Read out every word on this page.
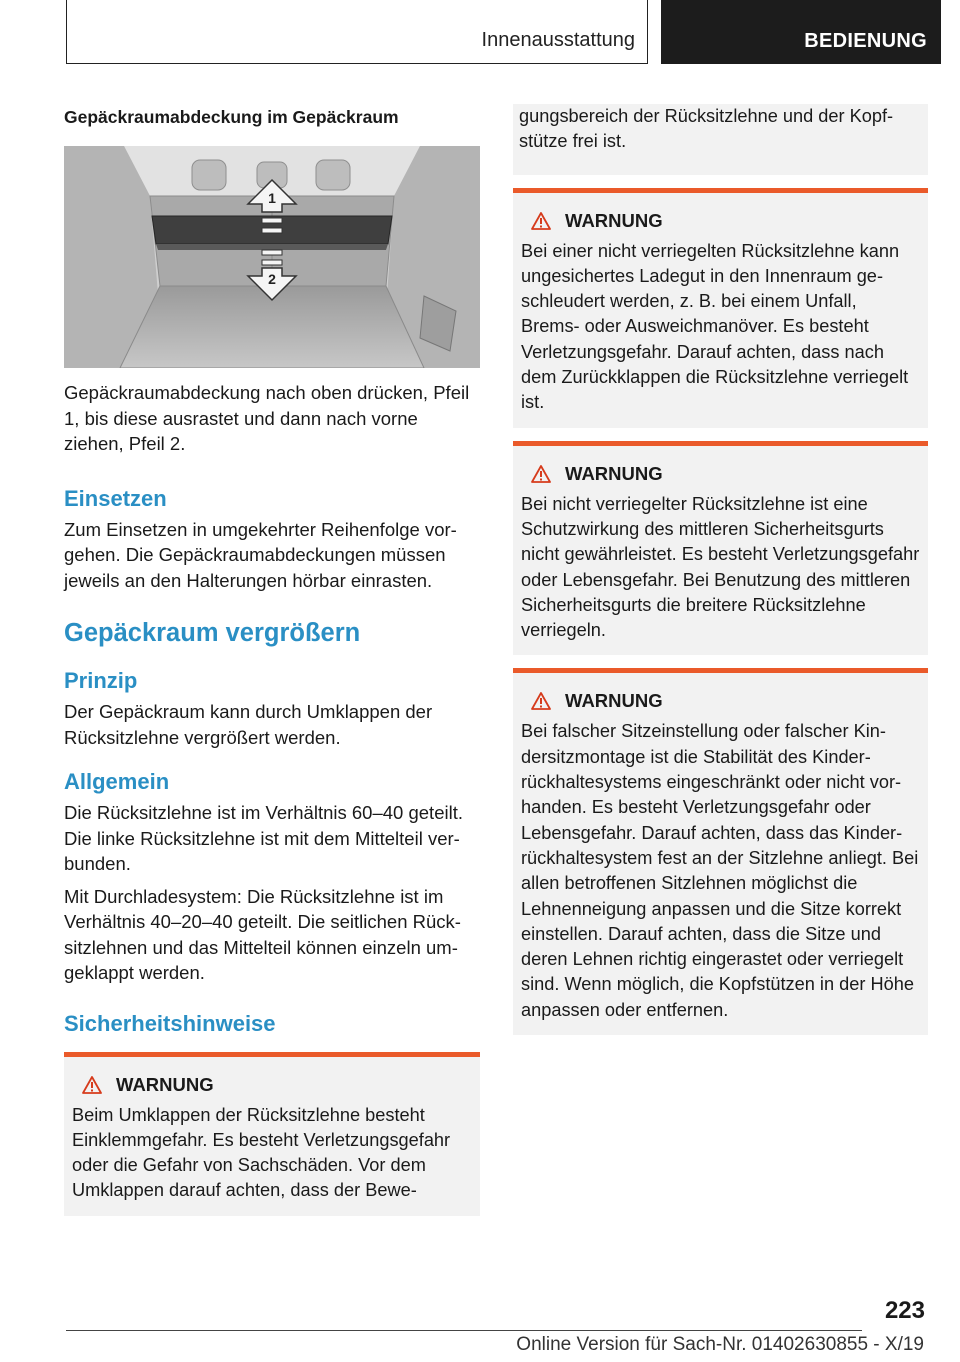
Innenausstattung	BEDIENUNG
Gepäckraumabdeckung im Gepäckraum
1
2
Gepäckraumabdeckung nach oben drücken, Pfeil 1, bis diese ausrastet und dann nach vorne ziehen, Pfeil 2.
Einsetzen
Zum Einsetzen in umgekehrter Reihenfolge vorgehen. Die Gepäckraumabdeckungen müssen jeweils an den Halterungen hörbar einrasten.
Gepäckraum vergrößern
Prinzip
Der Gepäckraum kann durch Umklappen der Rücksitzlehne vergrößert werden.
Allgemein
Die Rücksitzlehne ist im Verhältnis 60–40 geteilt. Die linke Rücksitzlehne ist mit dem Mittelteil verbunden.
Mit Durchladesystem: Die Rücksitzlehne ist im Verhältnis 40–20–40 geteilt. Die seitlichen Rücksitzlehnen und das Mittelteil können einzeln umgeklappt werden.
Sicherheitshinweise
WARNUNG
Beim Umklappen der Rücksitzlehne besteht Einklemmgefahr. Es besteht Verletzungsgefahr oder die Gefahr von Sachschäden. Vor dem Umklappen darauf achten, dass der Bewe-
gungsbereich der Rücksitzlehne und der Kopfstütze frei ist.
WARNUNG
Bei einer nicht verriegelten Rücksitzlehne kann ungesichertes Ladegut in den Innenraum geschleudert werden, z. B. bei einem Unfall, Brems- oder Ausweichmanöver. Es besteht Verletzungsgefahr. Darauf achten, dass nach dem Zurückklappen die Rücksitzlehne verriegelt ist.
WARNUNG
Bei nicht verriegelter Rücksitzlehne ist eine Schutzwirkung des mittleren Sicherheitsgurts nicht gewährleistet. Es besteht Verletzungsgefahr oder Lebensgefahr. Bei Benutzung des mittleren Sicherheitsgurts die breitere Rücksitzlehne verriegeln.
WARNUNG
Bei falscher Sitzeinstellung oder falscher Kindersitzmontage ist die Stabilität des Kinderrückhaltesystems eingeschränkt oder nicht vorhanden. Es besteht Verletzungsgefahr oder Lebensgefahr. Darauf achten, dass das Kinderrückhaltesystem fest an der Sitzlehne anliegt. Bei allen betroffenen Sitzlehnen möglichst die Lehnenneigung anpassen und die Sitze korrekt einstellen. Darauf achten, dass die Sitze und deren Lehnen richtig eingerastet oder verriegelt sind. Wenn möglich, die Kopfstützen in der Höhe anpassen oder entfernen.
223
Online Version für Sach-Nr. 01402630855 - X/19
